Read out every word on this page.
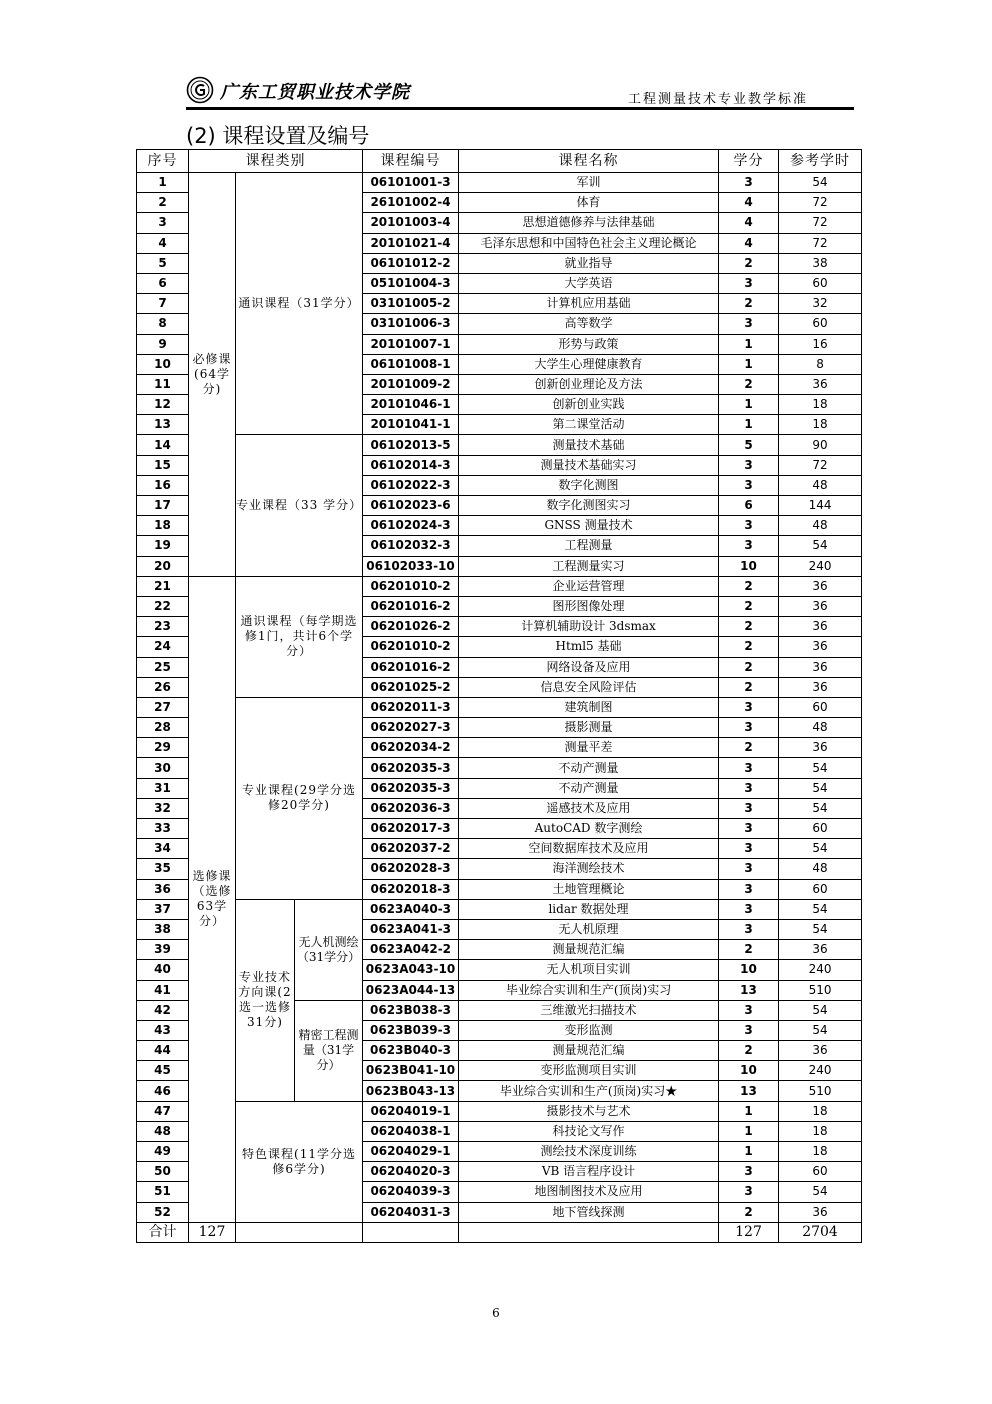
广东工贸职业技术学院	工程测量技术专业教学标准
(2) 课程设置及编号
序号	课程类别			课程编号	课程名称	学分	参考学时
1	必修课(64学分)	通识课程（31学分）		06101001-3	军训	3	54
2				26101002-4	体育	4	72
3				20101003-4	思想道德修养与法律基础	4	72
4				20101021-4	毛泽东思想和中国特色社会主义理论概论	4	72
5				06101012-2	就业指导	2	38
6				05101004-3	大学英语	3	60
7				03101005-2	计算机应用基础	2	32
8				03101006-3	高等数学	3	60
9				20101007-1	形势与政策	1	16
10				06101008-1	大学生心理健康教育	1	8
11				20101009-2	创新创业理论及方法	2	36
12				20101046-1	创新创业实践	1	18
13				20101041-1	第二课堂活动	1	18
14		专业课程（33 学分）		06102013-5	测量技术基础	5	90
15				06102014-3	测量技术基础实习	3	72
16				06102022-3	数字化测图	3	48
17				06102023-6	数字化测图实习	6	144
18				06102024-3	GNSS 测量技术	3	48
19				06102032-3	工程测量	3	54
20				06102033-10	工程测量实习	10	240
21	选修课（选修63学分）	通识课程（每学期选修1门，共计6个学分）		06201010-2	企业运营管理	2	36
22				06201016-2	图形图像处理	2	36
23				06201026-2	计算机辅助设计 3dsmax	2	36
24				06201010-2	Html5 基础	2	36
25				06201016-2	网络设备及应用	2	36
26				06201025-2	信息安全风险评估	2	36
27		专业课程(29学分选修20学分)		06202011-3	建筑制图	3	60
28				06202027-3	摄影测量	3	48
29				06202034-2	测量平差	2	36
30				06202035-3	不动产测量	3	54
31				06202035-3	不动产测量	3	54
32				06202036-3	遥感技术及应用	3	54
33				06202017-3	AutoCAD 数字测绘	3	60
34				06202037-2	空间数据库技术及应用	3	54
35				06202028-3	海洋测绘技术	3	48
36				06202018-3	土地管理概论	3	60
37		专业技术方向课(2选一选修31分)	无人机测绘（31学分）	0623A040-3	lidar 数据处理	3	54
38				0623A041-3	无人机原理	3	54
39				0623A042-2	测量规范汇编	2	36
40				0623A043-10	无人机项目实训	10	240
41				0623A044-13	毕业综合实训和生产(顶岗)实习	13	510
42			精密工程测量（31学分）	0623B038-3	三维激光扫描技术	3	54
43				0623B039-3	变形监测	3	54
44				0623B040-3	测量规范汇编	2	36
45				0623B041-10	变形监测项目实训	10	240
46				0623B043-13	毕业综合实训和生产(顶岗)实习★	13	510
47		特色课程(11学分选修6学分)		06204019-1	摄影技术与艺术	1	18
48				06204038-1	科技论文写作	1	18
49				06204029-1	测绘技术深度训练	1	18
50				06204020-3	VB 语言程序设计	3	60
51				06204039-3	地图制图技术及应用	3	54
52				06204031-3	地下管线探测	2	36
合计	127					127	2704
6
